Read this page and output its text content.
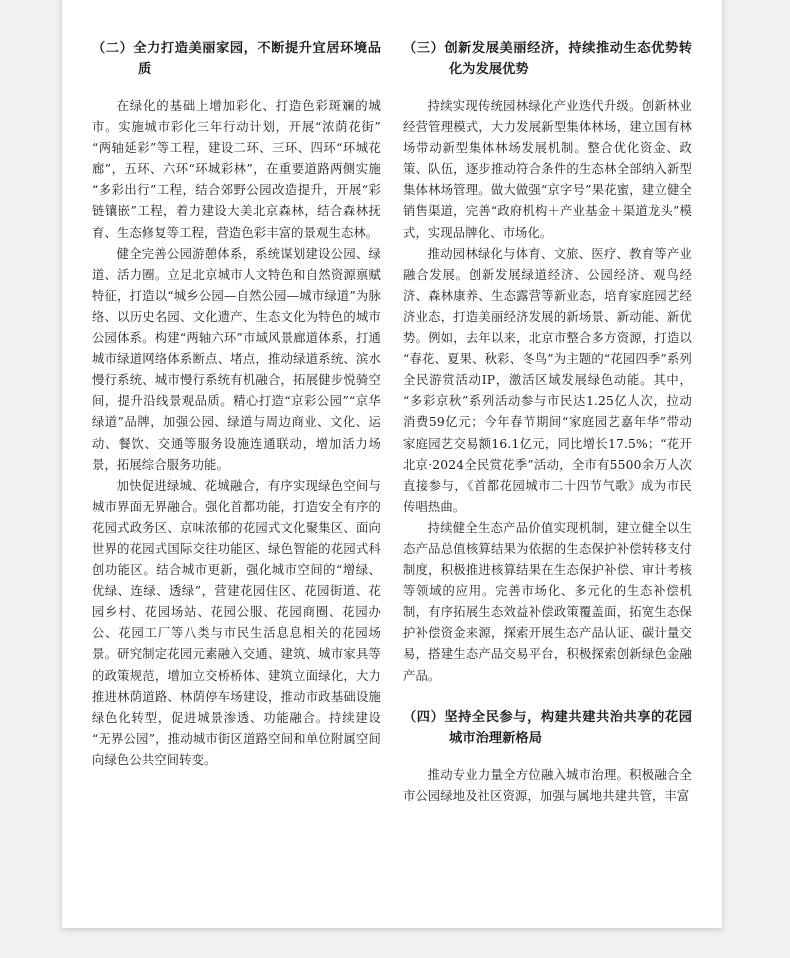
（二）全力打造美丽家园，不断提升宜居环境品质

在绿化的基础上增加彩化、打造色彩斑斓的城市。实施城市彩化三年行动计划，开展“浓荫花街”“两轴延彩”等工程，建设二环、三环、四环“环城花廊”，五环、六环“环城彩林”，在重要道路两侧实施“多彩出行”工程，结合郊野公园改造提升，开展“彩链镶嵌”工程，着力建设大美北京森林，结合森林抚育、生态修复等工程，营造色彩丰富的景观生态林。

健全完善公园游憩体系，系统谋划建设公园、绿道、活力圈。立足北京城市人文特色和自然资源禀赋特征，打造以“城乡公园—自然公园—城市绿道”为脉络、以历史名园、文化遗产、生态文化为特色的城市公园体系。构建“两轴六环”市域风景廊道体系，打通城市绿道网络体系断点、堵点，推动绿道系统、滨水慢行系统、城市慢行系统有机融合，拓展健步悦骑空间，提升沿线景观品质。精心打造“京彩公园”“京华绿道”品牌，加强公园、绿道与周边商业、文化、运动、餐饮、交通等服务设施连通联动，增加活力场景，拓展综合服务功能。

加快促进绿城、花城融合，有序实现绿色空间与城市界面无界融合。强化首都功能，打造安全有序的花园式政务区、京味浓郁的花园式文化聚集区、面向世界的花园式国际交往功能区、绿色智能的花园式科创功能区。结合城市更新，强化城市空间的“增绿、优绿、连绿、透绿”，营建花园住区、花园街道、花园乡村、花园场站、花园公服、花园商圈、花园办公、花园工厂等八类与市民生活息息相关的花园场景。研究制定花园元素融入交通、建筑、城市家具等的政策规范，增加立交桥桥体、建筑立面绿化，大力推进林荫道路、林荫停车场建设，推动市政基础设施绿色化转型，促进城景渗透、功能融合。持续建设“无界公园”，推动城市街区道路空间和单位附属空间向绿色公共空间转变。

（三）创新发展美丽经济，持续推动生态优势转化为发展优势

持续实现传统园林绿化产业迭代升级。创新林业经营管理模式，大力发展新型集体林场，建立国有林场带动新型集体林场发展机制。整合优化资金、政策、队伍，逐步推动符合条件的生态林全部纳入新型集体林场管理。做大做强“京字号”果花蜜，建立健全销售渠道，完善“政府机构＋产业基金＋渠道龙头”模式，实现品牌化、市场化。

推动园林绿化与体育、文旅、医疗、教育等产业融合发展。创新发展绿道经济、公园经济、观鸟经济、森林康养、生态露营等新业态，培育家庭园艺经济业态，打造美丽经济发展的新场景、新动能、新优势。例如，去年以来，北京市整合多方资源，打造以“春花、夏果、秋彩、冬鸟”为主题的“花园四季”系列全民游赏活动IP，激活区域发展绿色动能。其中，“多彩京秋”系列活动参与市民达1.25亿人次，拉动消费59亿元；今年春节期间“家庭园艺嘉年华”带动家庭园艺交易额16.1亿元，同比增长17.5%；“花开北京·2024全民赏花季”活动，全市有5500余万人次直接参与，《首都花园城市二十四节气歌》成为市民传唱热曲。

持续健全生态产品价值实现机制，建立健全以生态产品总值核算结果为依据的生态保护补偿转移支付制度，积极推进核算结果在生态保护补偿、审计考核等领域的应用。完善市场化、多元化的生态补偿机制，有序拓展生态效益补偿政策覆盖面，拓宽生态保护补偿资金来源，探索开展生态产品认证、碳计量交易，搭建生态产品交易平台，积极探索创新绿色金融产品。

（四）坚持全民参与，构建共建共治共享的花园城市治理新格局

推动专业力量全方位融入城市治理。积极融合全市公园绿地及社区资源，加强与属地共建共管，丰富
